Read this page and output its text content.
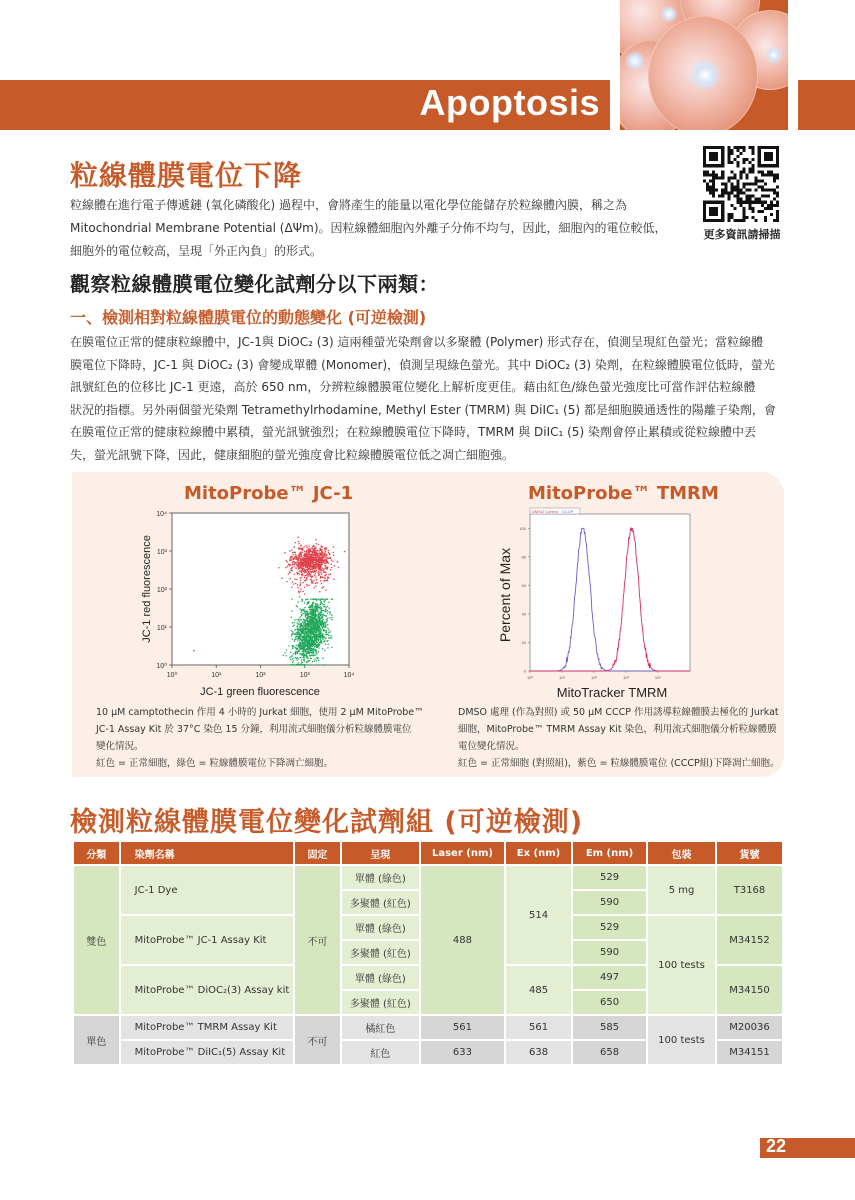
Apoptosis
粒線體膜電位下降
粒線體在進行電子傳遞鏈 (氧化磷酸化) 過程中，會將產生的能量以電化學位能儲存於粒線體內膜，稱之為
Mitochondrial Membrane Potential (ΔΨm)。因粒線體細胞內外離子分佈不均勻，因此，細胞內的電位較低，
細胞外的電位較高，呈現「外正內負」的形式。
更多資訊請掃描
觀察粒線體膜電位變化試劑分以下兩類：
一、檢測相對粒線體膜電位的動態變化 (可逆檢測)
在膜電位正常的健康粒線體中，JC-1與 DiOC₂ (3) 這兩種螢光染劑會以多聚體 (Polymer) 形式存在，偵測呈現紅色螢光；當粒線體
膜電位下降時，JC-1 與 DiOC₂ (3) 會變成單體 (Monomer)，偵測呈現綠色螢光。其中 DiOC₂ (3) 染劑，在粒線體膜電位低時，螢光
訊號紅色的位移比 JC-1 更遠，高於 650 nm，分辨粒線體膜電位變化上解析度更佳。藉由紅色/綠色螢光強度比可當作評估粒線體
狀況的指標。另外兩個螢光染劑 Tetramethylrhodamine, Methyl Ester (TMRM) 與 DiIC₁ (5) 都是細胞膜通透性的陽離子染劑，會
在膜電位正常的健康粒線體中累積，螢光訊號強烈；在粒線體膜電位下降時，TMRM 與 DiIC₁ (5) 染劑會停止累積或從粒線體中丟
失，螢光訊號下降，因此，健康細胞的螢光強度會比粒線體膜電位低之凋亡細胞強。
MitoProbe™ JC-1	MitoProbe™ TMRM
10⁰
10¹
10²
10³
10⁴
10⁰	10¹	10²	10³	10⁴
JC-1 red fluorescence
JC-1 green fluorescence
DMSO Control CCCP
0
20
40
60
80
100
10⁰	10¹	10²	10³	10⁴
Percent of Max
MitoTracker TMRM
10 µM camptothecin 作用 4 小時的 Jurkat 細胞，使用 2 µM MitoProbe™
JC-1 Assay Kit 於 37°C 染色 15 分鐘，利用流式細胞儀分析粒線體膜電位
變化情況。
紅色 = 正常細胞，綠色 = 粒線體膜電位下降凋亡細胞。
DMSO 處理 (作為對照) 或 50 µM CCCP 作用誘導粒線體膜去極化的 Jurkat
細胞，MitoProbe™ TMRM Assay Kit 染色，利用流式細胞儀分析粒線體膜
電位變化情況。
紅色 = 正常細胞 (對照組)，紫色 = 粒線體膜電位 (CCCP組)下降凋亡細胞。
檢測粒線體膜電位變化試劑組 (可逆檢測)
分類	染劑名稱	固定	呈現	Laser (nm)	Ex (nm)	Em (nm)	包裝	貨號
雙色	JC-1 Dye	不可	單體 (綠色)	488	514	529	5 mg	T3168
			多聚體 (紅色)			590		
	MitoProbe™ JC-1 Assay Kit		單體 (綠色)			529	100 tests	M34152
			多聚體 (紅色)			590		
	MitoProbe™ DiOC₂(3) Assay kit		單體 (綠色)		485	497		M34150
			多聚體 (紅色)			650		
單色	MitoProbe™ TMRM Assay Kit	不可	橘紅色	561	561	585	100 tests	M20036
	MitoProbe™ DiIC₁(5) Assay Kit		紅色	633	638	658		M34151
22
